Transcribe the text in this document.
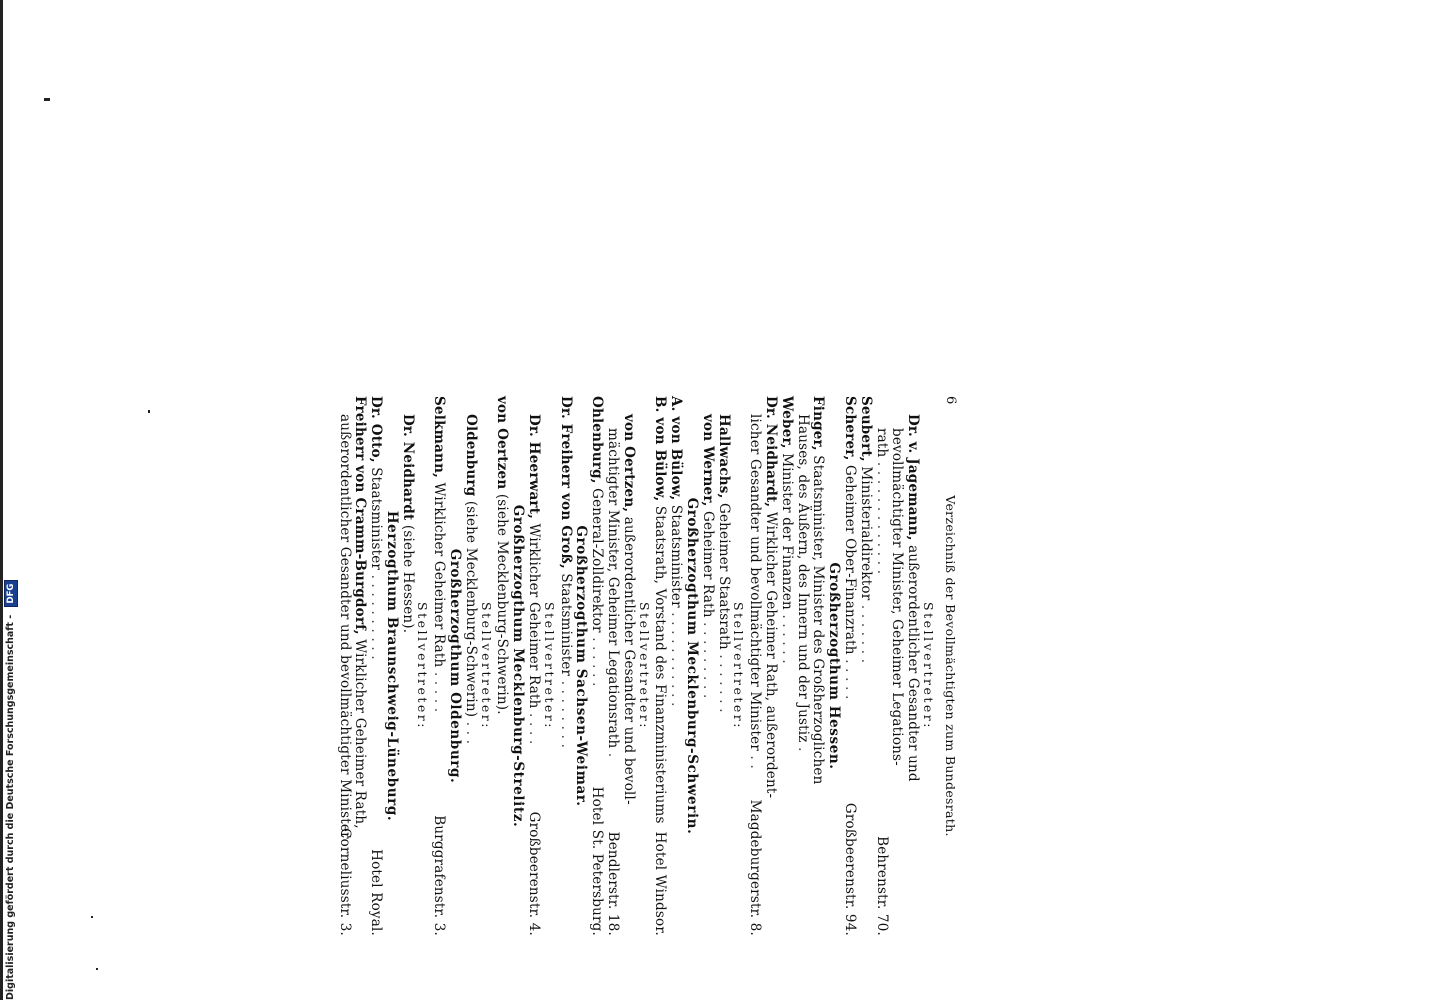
6
Verzeichniß der Bevollmächtigten zum Bundesrath.
Stellvertreter:
Dr. v. Jagemann, außerordentlicher Gesandter und
bevollmächtigter Minister, Geheimer Legations-
rath . . . . . . . . . . . . .
Behrenstr. 70.
Seubert, Ministerialdirektor . . . . . . .
Scherer, Geheimer Ober-Finanzrath . . . . .
Großbeerenstr. 94.
Großherzogthum Hessen.
Finger, Staatsminister, Minister des Großherzoglichen
Hauses, des Äußern, des Innern und der Justiz .
Weber, Minister der Finanzen . . . . . .
Dr. Neidhardt, Wirklicher Geheimer Rath, außerordent-
licher Gesandter und bevollmächtigter Minister . .
Magdeburgerstr. 8.
Stellvertreter:
Hallwachs, Geheimer Staatsrath . . . . . . .
von Werner, Geheimer Rath . . . . . . . . .
Großherzogthum Mecklenburg-Schwerin.
A. von Bülow, Staatsminister . . . . . . . . . . .
B. von Bülow, Staatsrath, Vorstand des Finanzministeriums
Hotel Windsor.
Stellvertreter:
von Oertzen, außerordentlicher Gesandter und bevoll-
mächtigter Minister, Geheimer Legationsrath .
Bendlerstr. 18.
Ohlenburg, General-Zolldirektor . . . . . .
Hotel St. Petersburg.
Großherzogthum Sachsen-Weimar.
Dr. Freiherr von Groß, Staatsminister . . . . . . . .
Stellvertreter:
Dr. Heerwart, Wirklicher Geheimer Rath . . . .
Großbeerenstr. 4.
Großherzogthum Mecklenburg-Strelitz.
von Oertzen (siehe Mecklenburg-Schwerin).
Stellvertreter:
Oldenburg (siehe Mecklenburg-Schwerin) . . .
Großherzogthum Oldenburg.
Selkmann, Wirklicher Geheimer Rath . . . . .
Burggrafenstr. 3.
Stellvertreter:
Dr. Neidhardt (siehe Hessen).
Herzogthum Braunschweig-Lüneburg.
Dr. Otto, Staatsminister . . . . . . . . . .
Hotel Royal.
Freiherr von Cramm-Burgdorf, Wirklicher Geheimer Rath,
außerordentlicher Gesandter und bevollmächtigter Minister
Corneliusstr. 3.
Digitalisierung gefördert durch die Deutsche Forschungsgemeinschaft - DFG
